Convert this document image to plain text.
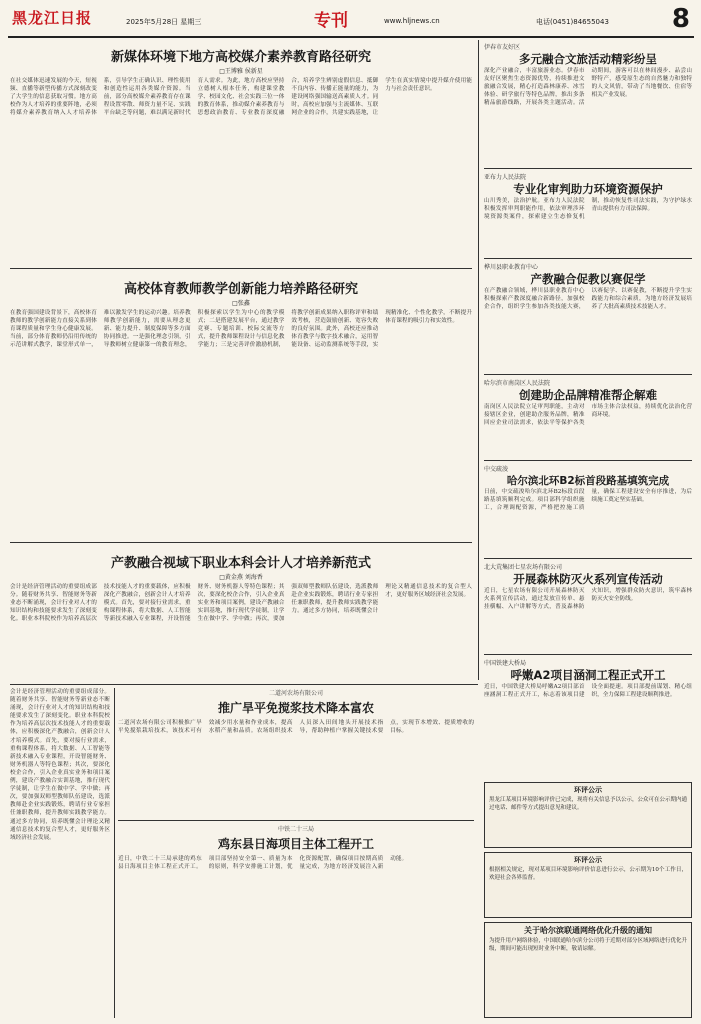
黑龙江日报	2025年5月28日 星期三	专刊	www.hljnews.cn	电话(0451)84655043 8
新媒体环境下地方高校媒介素养教育路径研究
□王博雅 侯新星
在社交媒体迅速发展的今天，短视频、直播等新型传播方式深刻改变了大学生的信息获取习惯。地方高校作为人才培养的重要阵地，必须将媒介素养教育纳入人才培养体系，引导学生正确认识、理性使用和创造性运用各类媒介资源。当前，部分高校媒介素养教育存在课程设置零散、师资力量不足、实践平台缺乏等问题，难以满足新时代育人需求。为此，地方高校应坚持立德树人根本任务，构建课堂教学、校园文化、社会实践三位一体的教育体系，推动媒介素养教育与思想政治教育、专业教育深度融合，培养学生辨别虚假信息、抵御不良内容、传播正能量的能力，为建设网络强国输送高素质人才。同时，高校应加强与主流媒体、互联网企业的合作，共建实践基地，让学生在真实情境中提升媒介使用能力与社会责任意识。
高校体育教师教学创新能力培养路径研究
□张鑫
在教育强国建设背景下，高校体育教师的教学创新能力直接关系到体育课程质量和学生身心健康发展。当前，部分体育教师仍沿用传统的示范讲解式教学，课堂形式单一，难以激发学生的运动兴趣。培养教师教学创新能力，需要从理念更新、能力提升、制度保障等多方面协同推进。一是强化理念引领，引导教师树立健康第一的教育理念，积极探索以学生为中心的教学模式；二是搭建发展平台，通过教学竞赛、专题培训、校际交流等方式，提升教师课程设计与信息化教学能力；三是完善评价激励机制，将教学创新成果纳入职称评审和绩效考核，营造鼓励创新、宽容失败的良好氛围。此外，高校还应推动体育教学与数字技术融合，运用智能设备、运动监测系统等手段，实现精准化、个性化教学，不断提升体育课程的吸引力和实效性。
产教融合视域下职业本科会计人才培养新范式
□黄金燕 刘海香
会计是经济管理活动的重要组成部分。随着财务共享、智能财务等新业态不断涌现，会计行业对人才的知识结构和技能要求发生了深刻变化。职业本科院校作为培养高层次技术技能人才的重要载体，应积极深化产教融合，创新会计人才培养模式。首先，要对接行业需求，重构课程体系，将大数据、人工智能等新技术融入专业课程，开设智能财务、财务机器人等特色课程；其次，要深化校企合作，引入企业真实业务和项目案例，建设产教融合实训基地，推行现代学徒制，让学生在做中学、学中做；再次，要加强双师型教师队伍建设，选派教师赴企业实践锻炼，聘请行业专家担任兼职教师，提升教师实践教学能力。通过多方协同，培养既懂会计理论又精通信息技术的复合型人才，更好服务区域经济社会发展。
伊春市友好区
多元融合文旅活动精彩纷呈
深化产业融合，丰富旅游业态。伊春市友好区聚焦生态资源优势，持续推进文旅融合发展，精心打造森林康养、冰雪体验、研学旅行等特色品牌，推出多条精品旅游线路，开展各类主题活动。活动期间，游客可以在林间漫步、品尝山野特产，感受原生态的自然魅力和独特的人文风情，带动了当地餐饮、住宿等相关产业发展。
亚布力人民法院
专业化审判助力环境资源保护
山川秀美，法治护航。亚布力人民法院积极发挥审判职能作用，依法审理涉环境资源类案件，探索建立生态修复机制，推动恢复性司法实践，为守护绿水青山提供有力司法保障。
桦川县职业教育中心
产教融合促教以赛促学
在产教融合领域，桦川县职业教育中心积极探索产教深度融合新路径，加强校企合作，组织学生参加各类技能大赛，以赛促学、以赛促教，不断提升学生实践能力和综合素质，为地方经济发展培养了大批高素质技术技能人才。
哈尔滨市南岗区人民法院
创建助企品牌精准帮企解难
南岗区人民法院立足审判职能，主动对接辖区企业，创建助企服务品牌，精准回应企业司法需求，依法平等保护各类市场主体合法权益，持续优化法治化营商环境。
中交疏浚
哈尔滨北环B2标首段路基填筑完成
日前，中交疏浚哈尔滨北环B2标段首段路基填筑顺利完成。项目部科学组织施工，合理调配资源，严格把控施工质量，确保工程建设安全有序推进，为后续施工奠定坚实基础。
北大荒集团七星农场有限公司
开展森林防灭火系列宣传活动
近日，七星农场有限公司开展森林防灭火系列宣传活动，通过发放宣传单、悬挂横幅、入户讲解等方式，普及森林防火知识，增强群众防火意识，筑牢森林防灭火安全防线。
中国铁建大桥局
呼嫩A2项目涵洞工程正式开工
近日，中国铁建大桥局呼嫩A2项目部首座涵洞工程正式开工，标志着该项目建设全面提速。项目部提前谋划、精心组织，全力保障工程建设顺利推进。
会计是经济管理活动的重要组成部分。随着财务共享、智能财务等新业态不断涌现，会计行业对人才的知识结构和技能要求发生了深刻变化。职业本科院校作为培养高层次技术技能人才的重要载体，应积极深化产教融合，创新会计人才培养模式。首先，要对接行业需求，重构课程体系，将大数据、人工智能等新技术融入专业课程，开设智能财务、财务机器人等特色课程；其次，要深化校企合作，引入企业真实业务和项目案例，建设产教融合实训基地，推行现代学徒制，让学生在做中学、学中做；再次，要加强双师型教师队伍建设，选派教师赴企业实践锻炼，聘请行业专家担任兼职教师，提升教师实践教学能力。通过多方协同，培养既懂会计理论又精通信息技术的复合型人才，更好服务区域经济社会发展。
二道河农场有限公司
推广旱平免搅浆技术降本富农
二道河农场有限公司积极推广旱平免搅浆栽培技术，该技术可有效减少用水量和作业成本，提高水稻产量和品质。农场组织技术人员深入田间地头开展技术指导，帮助种植户掌握关键技术要点，实现节本增效、提质增收的目标。
中铁二十三局
鸡东县日海项目主体工程开工
近日，中铁二十三局承建的鸡东县日海项目主体工程正式开工。项目部坚持安全第一、质量为本的原则，科学安排施工计划，优化资源配置，确保项目按期高质量完成，为地方经济发展注入新动能。
环评公示
黑龙江某项目环境影响评价已完成，现将有关信息予以公示，公众可在公示期内通过电话、邮件等方式提出意见和建议。
环评公示
根据相关规定，现对某项目环境影响评价信息进行公示，公示期为10个工作日，欢迎社会各界监督。
关于哈尔滨联通网络优化升级的通知
为提升用户网络体验，中国联通哈尔滨分公司将于近期对部分区域网络进行优化升级，期间可能出现短时业务中断，敬请谅解。
